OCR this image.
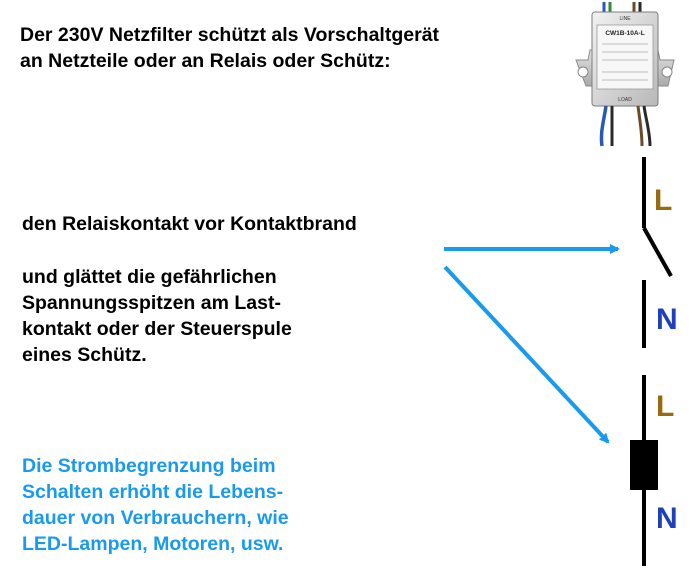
Der 230V Netzfilter schützt als Vorschaltgerät
an Netzteile oder an Relais oder Schütz:

den Relaiskontakt vor Kontaktbrand

und glättet die gefährlichen
Spannungsspitzen am Last-
kontakt oder der Steuerspule
eines Schütz.

Die Strombegrenzung beim
Schalten erhöht die Lebens-
dauer von Verbrauchern, wie
LED-Lampen, Motoren, usw.

LINE
CW1B-10A-L
LOAD
L
N
L
N
